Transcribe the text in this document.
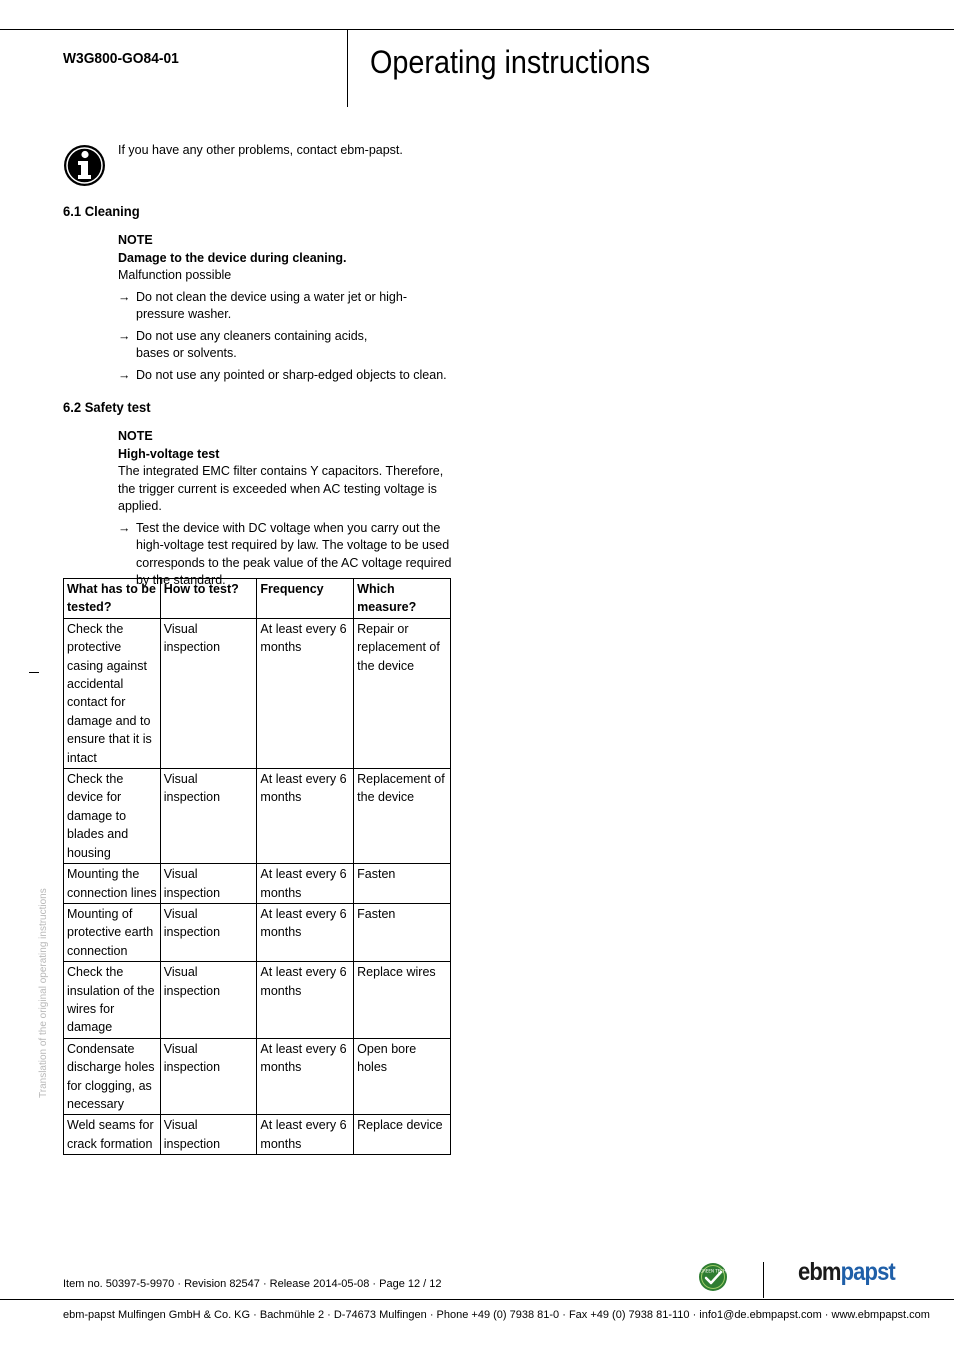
W3G800-GO84-01	Operating instructions
If you have any other problems, contact ebm-papst.
6.1 Cleaning
NOTE
Damage to the device during cleaning.
Malfunction possible
→ Do not clean the device using a water jet or high-pressure washer.
→ Do not use any cleaners containing acids, bases or solvents.
→ Do not use any pointed or sharp-edged objects to clean.
6.2 Safety test
NOTE
High-voltage test
The integrated EMC filter contains Y capacitors. Therefore, the trigger current is exceeded when AC testing voltage is applied.
→ Test the device with DC voltage when you carry out the high-voltage test required by law. The voltage to be used corresponds to the peak value of the AC voltage required by the standard.
What has to be tested?	How to test?	Frequency	Which measure?
Check the protective casing against accidental contact for damage and to ensure that it is intact	Visual inspection	At least every 6 months	Repair or replacement of the device
Check the device for damage to blades and housing	Visual inspection	At least every 6 months	Replacement of the device
Mounting the connection lines	Visual inspection	At least every 6 months	Fasten
Mounting of protective earth connection	Visual inspection	At least every 6 months	Fasten
Check the insulation of the wires for damage	Visual inspection	At least every 6 months	Replace wires
Condensate discharge holes for clogging, as necessary	Visual inspection	At least every 6 months	Open bore holes
Weld seams for crack formation	Visual inspection	At least every 6 months	Replace device
Translation of the original operating instructions
Item no. 50397-5-9970 · Revision 82547 · Release 2014-05-08 · Page 12 / 12
GREEN TECH	ebmpapst
ebm-papst Mulfingen GmbH & Co. KG · Bachmühle 2 · D-74673 Mulfingen · Phone +49 (0) 7938 81-0 · Fax +49 (0) 7938 81-110 · info1@de.ebmpapst.com · www.ebmpapst.com
